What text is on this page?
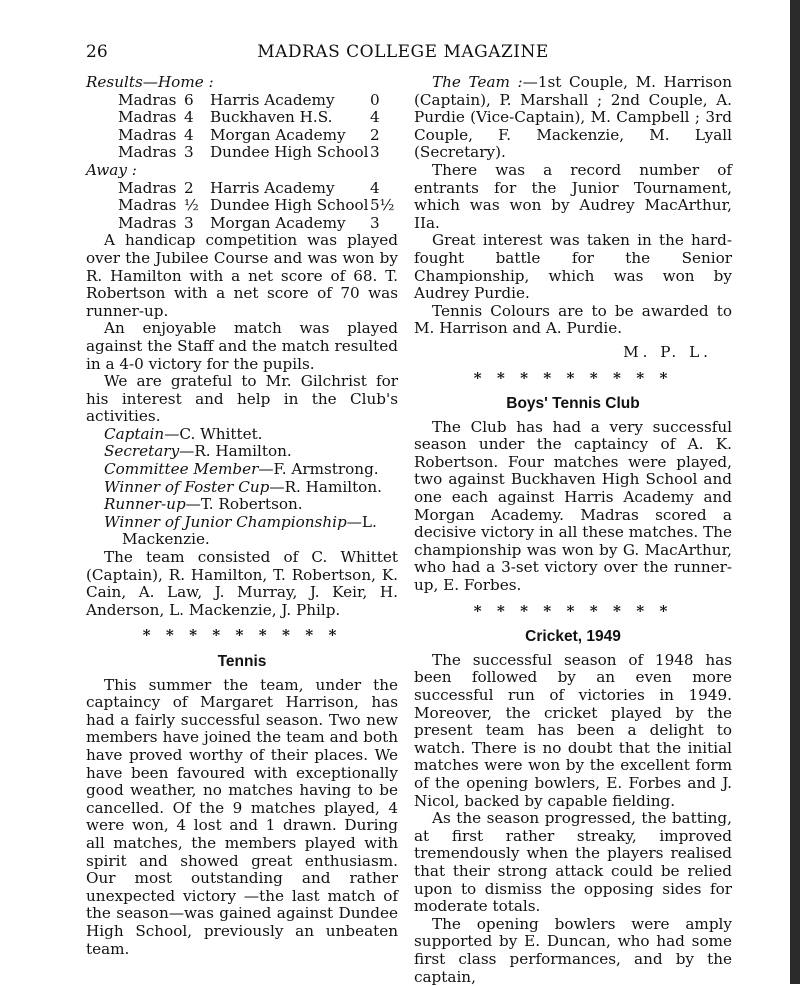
26	MADRAS COLLEGE MAGAZINE
Results—Home :
Madras	6	Harris Academy	0
Madras	4	Buckhaven H.S.	4
Madras	4	Morgan Academy	2
Madras	3	Dundee High School	3
Away :
Madras	2	Harris Academy	4
Madras	½	Dundee High School	5½
Madras	3	Morgan Academy	3

A handicap competition was played over the Jubilee Course and was won by R. Hamilton with a net score of 68. T. Robertson with a net score of 70 was runner-up.

An enjoyable match was played against the Staff and the match resulted in a 4-0 victory for the pupils.

We are grateful to Mr. Gilchrist for his interest and help in the Club's activities.

Captain—C. Whittet.
Secretary—R. Hamilton.
Committee Member—F. Armstrong.
Winner of Foster Cup—R. Hamilton.
Runner-up—T. Robertson.
Winner of Junior Championship—L. Mackenzie.

The team consisted of C. Whittet (Captain), R. Hamilton, T. Robertson, K. Cain, A. Law, J. Murray, J. Keir, H. Anderson, L. Mackenzie, J. Philp.

* * * * * * * * *
Tennis

This summer the team, under the captaincy of Margaret Harrison, has had a fairly successful season. Two new members have joined the team and both have proved worthy of their places. We have been favoured with exceptionally good weather, no matches having to be cancelled. Of the 9 matches played, 4 were won, 4 lost and 1 drawn. During all matches, the members played with spirit and showed great enthusiasm. Our most outstanding and rather unexpected victory —the last match of the season—was gained against Dundee High School, previously an unbeaten team.

The Team :—1st Couple, M. Harrison (Captain), P. Marshall ; 2nd Couple, A. Purdie (Vice-Captain), M. Campbell ; 3rd Couple, F. Mackenzie, M. Lyall (Secretary).

There was a record number of entrants for the Junior Tournament, which was won by Audrey MacArthur, IIa.

Great interest was taken in the hard-fought battle for the Senior Championship, which was won by Audrey Purdie.

Tennis Colours are to be awarded to M. Harrison and A. Purdie.

M. P. L.
* * * * * * * * *
Boys' Tennis Club

The Club has had a very successful season under the captaincy of A. K. Robertson. Four matches were played, two against Buckhaven High School and one each against Harris Academy and Morgan Academy. Madras scored a decisive victory in all these matches. The championship was won by G. MacArthur, who had a 3-set victory over the runner-up, E. Forbes.

* * * * * * * * *
Cricket, 1949

The successful season of 1948 has been followed by an even more successful run of victories in 1949. Moreover, the cricket played by the present team has been a delight to watch. There is no doubt that the initial matches were won by the excellent form of the opening bowlers, E. Forbes and J. Nicol, backed by capable fielding.

As the season progressed, the batting, at first rather streaky, improved tremendously when the players realised that their strong attack could be relied upon to dismiss the opposing sides for moderate totals.

The opening bowlers were amply supported by E. Duncan, who had some first class performances, and by the captain,
